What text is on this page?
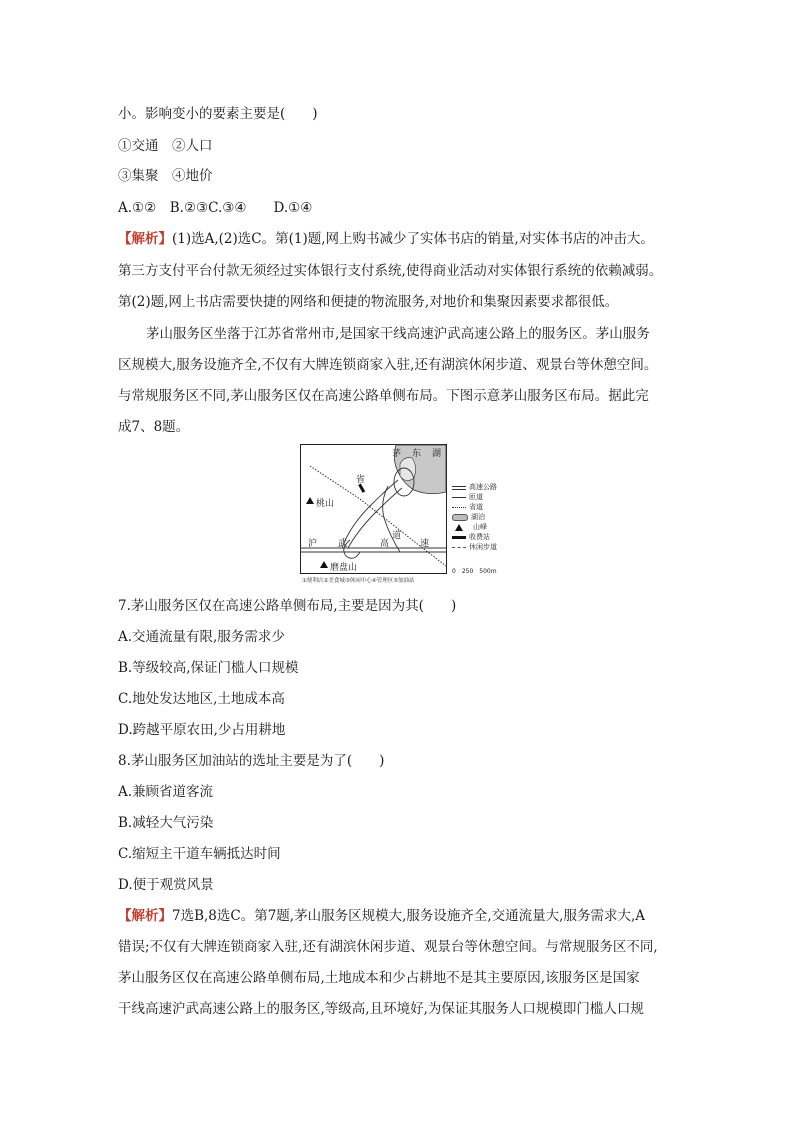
小。影响变小的要素主要是(　　)
①交通　②人口
③集聚　④地价
A.①②　B.②③C.③④　　D.①④
【解析】(1)选A,(2)选C。第(1)题,网上购书减少了实体书店的销量,对实体书店的冲击大。
第三方支付平台付款无须经过实体银行支付系统,使得商业活动对实体银行系统的依赖减弱。
第(2)题,网上书店需要快捷的网络和便捷的物流服务,对地价和集聚因素要求都很低。
茅山服务区坐落于江苏省常州市,是国家干线高速沪武高速公路上的服务区。茅山服务
区规模大,服务设施齐全,不仅有大牌连锁商家入驻,还有湖滨休闲步道、观景台等休憩空间。
与常规服务区不同,茅山服务区仅在高速公路单侧布局。下图示意茅山服务区布局。据此完
成7、8题。
茅 东 湖
省
道
桃山
磨盘山
沪 武	高	速
高速公路
匝道
省道
湖泊
山峰
收费站
休闲步道
0 250 500m
①便利店②美食城③休闲中心④管理区⑤加油站
7.茅山服务区仅在高速公路单侧布局,主要是因为其(　　)
A.交通流量有限,服务需求少
B.等级较高,保证门槛人口规模
C.地处发达地区,土地成本高
D.跨越平原农田,少占用耕地
8.茅山服务区加油站的选址主要是为了(　　)
A.兼顾省道客流
B.减轻大气污染
C.缩短主干道车辆抵达时间
D.便于观赏风景
【解析】7选B,8选C。第7题,茅山服务区规模大,服务设施齐全,交通流量大,服务需求大,A
错误;不仅有大牌连锁商家入驻,还有湖滨休闲步道、观景台等休憩空间。与常规服务区不同,
茅山服务区仅在高速公路单侧布局,土地成本和少占耕地不是其主要原因,该服务区是国家
干线高速沪武高速公路上的服务区,等级高,且环境好,为保证其服务人口规模即门槛人口规
